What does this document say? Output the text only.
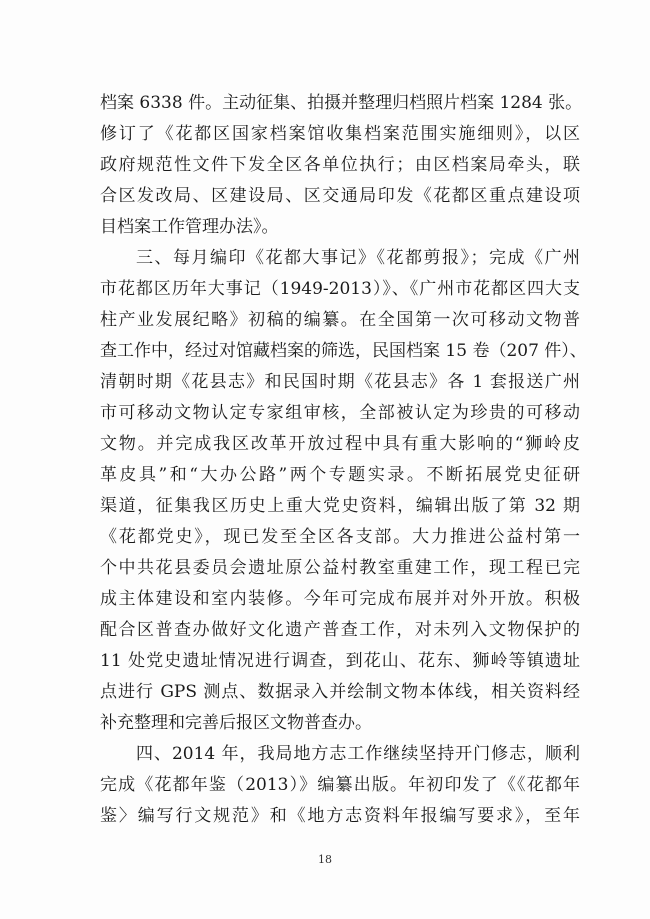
档案 6338 件。主动征集、拍摄并整理归档照片档案 1284 张。
修订了《花都区国家档案馆收集档案范围实施细则》，以区
政府规范性文件下发全区各单位执行；由区档案局牵头，联
合区发改局、区建设局、区交通局印发《花都区重点建设项
目档案工作管理办法》。
三、每月编印《花都大事记》《花都剪报》；完成《广州
市花都区历年大事记（1949-2013）》、《广州市花都区四大支
柱产业发展纪略》初稿的编纂。在全国第一次可移动文物普
查工作中，经过对馆藏档案的筛选，民国档案 15 卷（207 件）、
清朝时期《花县志》和民国时期《花县志》各 1 套报送广州
市可移动文物认定专家组审核，全部被认定为珍贵的可移动
文物。并完成我区改革开放过程中具有重大影响的“狮岭皮
革皮具”和“大办公路”两个专题实录。不断拓展党史征研
渠道，征集我区历史上重大党史资料，编辑出版了第 32 期
《花都党史》，现已发至全区各支部。大力推进公益村第一
个中共花县委员会遗址原公益村教室重建工作，现工程已完
成主体建设和室内装修。今年可完成布展并对外开放。积极
配合区普查办做好文化遗产普查工作，对未列入文物保护的
11 处党史遗址情况进行调查，到花山、花东、狮岭等镇遗址
点进行 GPS 测点、数据录入并绘制文物本体线，相关资料经
补充整理和完善后报区文物普查办。
四、2014 年，我局地方志工作继续坚持开门修志，顺利
完成《花都年鉴（2013）》编纂出版。年初印发了《《花都年
鉴〉编写行文规范》和《地方志资料年报编写要求》，至年
18
